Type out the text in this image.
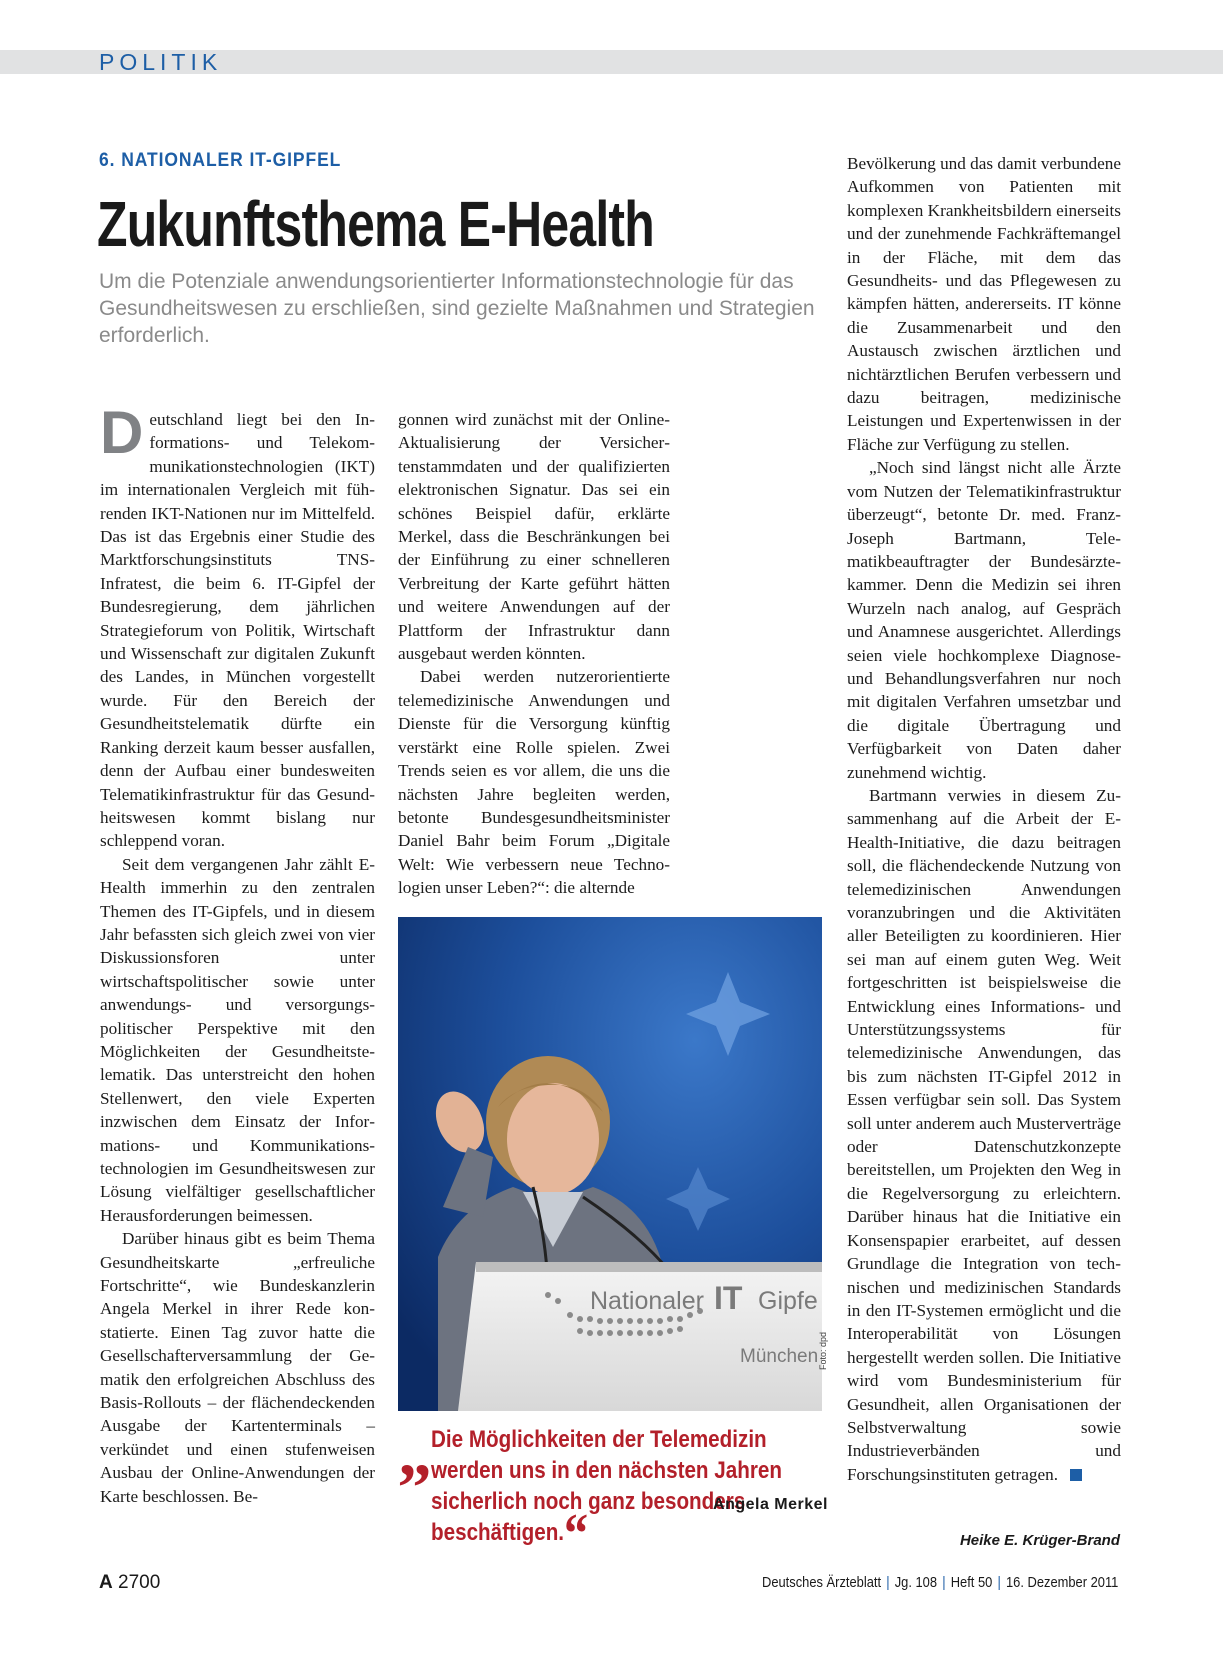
POLITIK
6. NATIONALER IT-GIPFEL
Zukunftsthema E-Health
Um die Potenziale anwendungsorientierter Informationstechnologie für das Gesundheitswesen zu erschließen, sind gezielte Maßnahmen und Strategien erforderlich.

Deutschland liegt bei den Informations- und Telekommunikationstechnologien (IKT) im internationalen Vergleich mit führenden IKT-Nationen nur im Mittelfeld. Das ist das Ergebnis einer Studie des Marktforschungsinstituts TNS-Infratest, die beim 6. IT-Gipfel der Bundesregierung, dem jährlichen Strategieforum von Politik, Wirtschaft und Wissenschaft zur digitalen Zukunft des Landes, in München vorgestellt wurde. Für den Bereich der Gesundheitstelematik dürfte ein Ranking derzeit kaum besser ausfallen, denn der Aufbau einer bundesweiten Telematikinfrastruktur für das Gesundheitswesen kommt bislang nur schleppend voran.

Seit dem vergangenen Jahr zählt E-Health immerhin zu den zentralen Themen des IT-Gipfels, und in diesem Jahr befassten sich gleich zwei von vier Diskussionsforen unter wirtschaftspolitischer sowie unter anwendungs- und versorgungspolitischer Perspektive mit den Möglichkeiten der Gesundheitstelematik. Das unterstreicht den hohen Stellenwert, den viele Experten inzwischen dem Einsatz der Informations- und Kommunikationstechnologien im Gesundheitswesen zur Lösung vielfältiger gesellschaftlicher Herausforderungen beimessen.

Darüber hinaus gibt es beim Thema Gesundheitskarte „erfreuliche Fortschritte“, wie Bundeskanzlerin Angela Merkel in ihrer Rede konstatierte. Einen Tag zuvor hatte die Gesellschafterversammlung der Gematik den erfolgreichen Abschluss des Basis-Rollouts – der flächendeckenden Ausgabe der Kartenterminals – verkündet und einen stufenweisen Ausbau der Online-Anwendungen der Karte beschlossen. Be-

gonnen wird zunächst mit der Online-Aktualisierung der Versichertenstammdaten und der qualifizierten elektronischen Signatur. Das sei ein schönes Beispiel dafür, erklärte Merkel, dass die Beschränkungen bei der Einführung zu einer schnelleren Verbreitung der Karte geführt hätten und weitere Anwendungen auf der Plattform der Infrastruktur dann ausgebaut werden könnten.

Dabei werden nutzerorientierte telemedizinische Anwendungen und Dienste für die Versorgung künftig verstärkt eine Rolle spielen. Zwei Trends seien es vor allem, die uns die nächsten Jahre begleiten werden, betonte Bundesgesundheitsminister Daniel Bahr beim Forum „Digitale Welt: Wie verbessern neue Technologien unser Leben?“: die alternde

Bevölkerung und das damit verbundene Aufkommen von Patienten mit komplexen Krankheitsbildern einerseits und der zunehmende Fachkräftemangel in der Fläche, mit dem das Gesundheits- und das Pflegewesen zu kämpfen hätten, andererseits. IT könne die Zusammenarbeit und den Austausch zwischen ärztlichen und nichtärztlichen Berufen verbessern und dazu beitragen, medizinische Leistungen und Expertenwissen in der Fläche zur Verfügung zu stellen.

„Noch sind längst nicht alle Ärzte vom Nutzen der Telematikinfrastruktur überzeugt“, betonte Dr. med. Franz-Joseph Bartmann, Telematikbeauftragter der Bundesärztekammer. Denn die Medizin sei ihren Wurzeln nach analog, auf Gespräch und Anamnese ausgerichtet. Allerdings seien viele hochkomplexe Diagnose- und Behandlungsverfahren nur noch mit digitalen Verfahren umsetzbar und die digitale Übertragung und Verfügbarkeit von Daten daher zunehmend wichtig.

Bartmann verwies in diesem Zusammenhang auf die Arbeit der E-Health-Initiative, die dazu beitragen soll, die flächendeckende Nutzung von telemedizinischen Anwendungen voranzubringen und die Aktivitäten aller Beteiligten zu koordinieren. Hier sei man auf einem guten Weg. Weit fortgeschritten ist beispielsweise die Entwicklung eines Informations- und Unterstützungssystems für telemedizinische Anwendungen, das bis zum nächsten IT-Gipfel 2012 in Essen verfügbar sein soll. Das System soll unter anderem auch Musterverträge oder Datenschutzkonzepte bereitstellen, um Projekten den Weg in die Regelversorgung zu erleichtern. Darüber hinaus hat die Initiative ein Konsenspapier erarbeitet, auf dessen Grundlage die Integration von technischen und medizinischen Standards in den IT-Systemen ermöglicht und die Interoperabilität von Lösungen hergestellt werden sollen. Die Initiative wird vom Bundesministerium für Gesundheit, allen Organisationen der Selbstverwaltung sowie Industrieverbänden und Forschungsinstituten getragen.

Heike E. Krüger-Brand
Nationaler IT Gipfe
München Foto: dpd
„ Die Möglichkeiten der Telemedizin werden uns in den nächsten Jahren sicherlich noch ganz besonders beschäftigen.“	Angela Merkel
A 2700	Deutsches Ärzteblatt | Jg. 108 | Heft 50 | 16. Dezember 2011
